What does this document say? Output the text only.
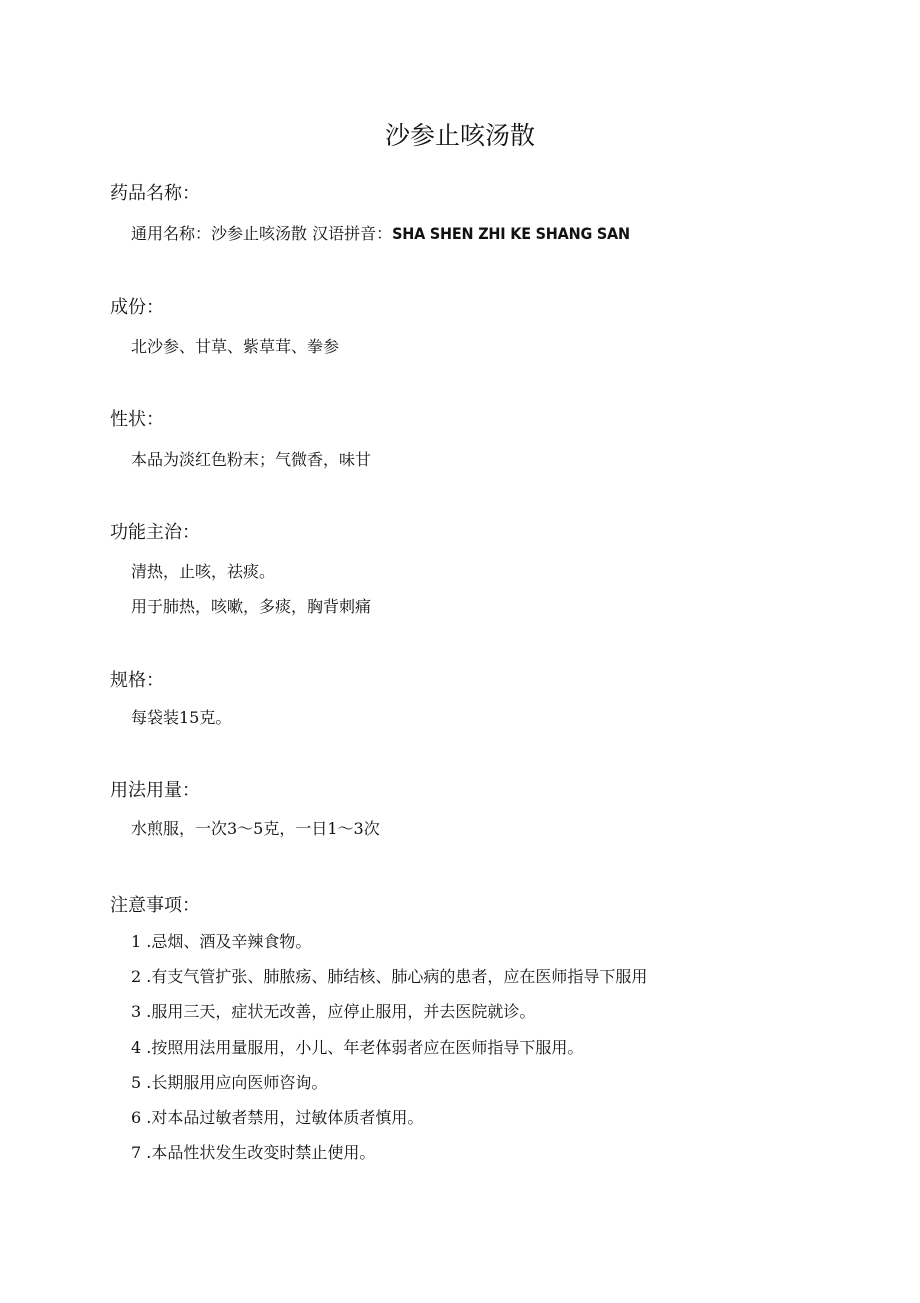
沙参止咳汤散
药品名称：

通用名称：沙参止咳汤散 汉语拼音：SHA SHEN ZHI KE SHANG SAN

成份：

北沙参、甘草、紫草茸、拳参

性状：

本品为淡红色粉末；气微香，味甘

功能主治：

清热，止咳，祛痰。

用于肺热，咳嗽，多痰，胸背刺痛

规格：

每袋装15克。

用法用量：

水煎服，一次3〜5克，一日1〜3次

注意事项：

1 .忌烟、酒及辛辣食物。

2 .有支气管扩张、肺脓疡、肺结核、肺心病的患者，应在医师指导下服用

3 .服用三天，症状无改善，应停止服用，并去医院就诊。

4 .按照用法用量服用，小儿、年老体弱者应在医师指导下服用。

5 .长期服用应向医师咨询。

6 .对本品过敏者禁用，过敏体质者慎用。

7 .本品性状发生改变时禁止使用。
